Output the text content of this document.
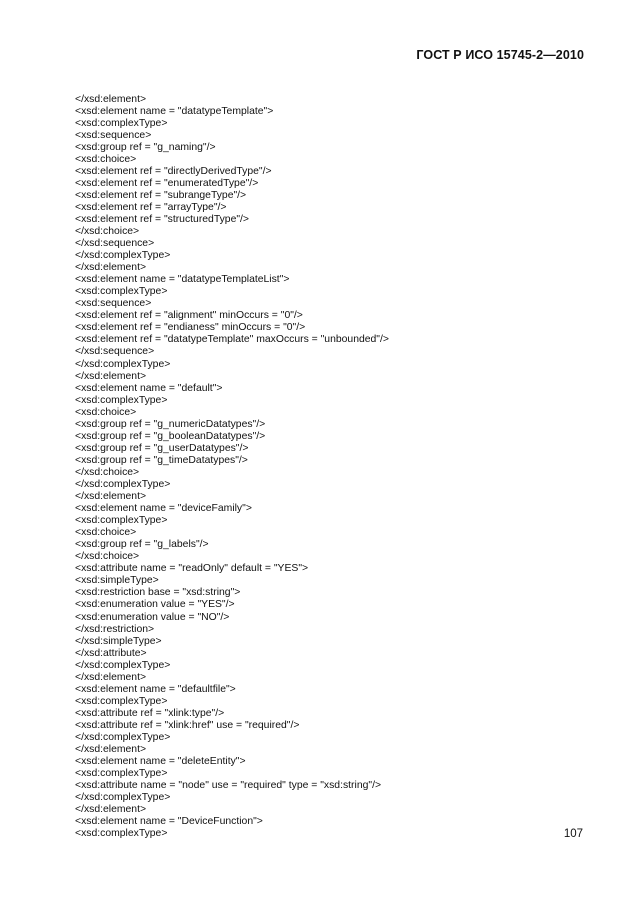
ГОСТ Р ИСО 15745-2—2010
</xsd:element>
<xsd:element name = "datatypeTemplate">
<xsd:complexType>
<xsd:sequence>
<xsd:group ref = "g_naming"/>
<xsd:choice>
<xsd:element ref = "directlyDerivedType"/>
<xsd:element ref = "enumeratedType"/>
<xsd:element ref = "subrangeType"/>
<xsd:element ref = "arrayType"/>
<xsd:element ref = "structuredType"/>
</xsd:choice>
</xsd:sequence>
</xsd:complexType>
</xsd:element>
<xsd:element name = "datatypeTemplateList">
<xsd:complexType>
<xsd:sequence>
<xsd:element ref = "alignment" minOccurs = "0"/>
<xsd:element ref = "endianess" minOccurs = "0"/>
<xsd:element ref = "datatypeTemplate" maxOccurs = "unbounded"/>
</xsd:sequence>
</xsd:complexType>
</xsd:element>
<xsd:element name = "default">
<xsd:complexType>
<xsd:choice>
<xsd:group ref = "g_numericDatatypes"/>
<xsd:group ref = "g_booleanDatatypes"/>
<xsd:group ref = "g_userDatatypes"/>
<xsd:group ref = "g_timeDatatypes"/>
</xsd:choice>
</xsd:complexType>
</xsd:element>
<xsd:element name = "deviceFamily">
<xsd:complexType>
<xsd:choice>
<xsd:group ref = "g_labels"/>
</xsd:choice>
<xsd:attribute name = "readOnly" default = "YES">
<xsd:simpleType>
<xsd:restriction base = "xsd:string">
<xsd:enumeration value = "YES"/>
<xsd:enumeration value = "NO"/>
</xsd:restriction>
</xsd:simpleType>
</xsd:attribute>
</xsd:complexType>
</xsd:element>
<xsd:element name = "defaultfile">
<xsd:complexType>
<xsd:attribute ref = "xlink:type"/>
<xsd:attribute ref = "xlink:href" use = "required"/>
</xsd:complexType>
</xsd:element>
<xsd:element name = "deleteEntity">
<xsd:complexType>
<xsd:attribute name = "node" use = "required" type = "xsd:string"/>
</xsd:complexType>
</xsd:element>
<xsd:element name = "DeviceFunction">
<xsd:complexType>	107
